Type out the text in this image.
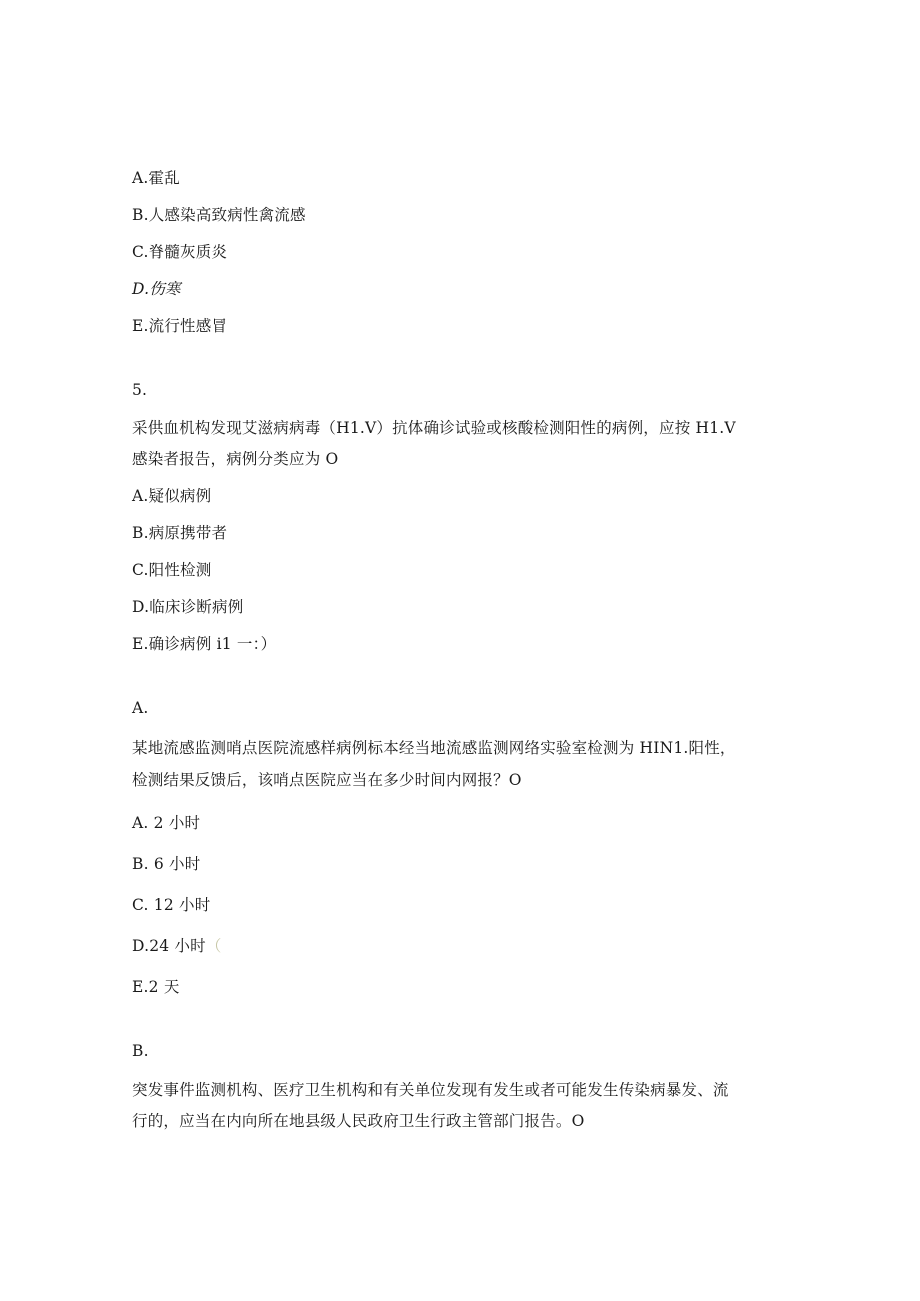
A.霍乱
B.人感染高致病性禽流感
C.脊髓灰质炎
D.伤寒
E.流行性感冒
5.
采供血机构发现艾滋病病毒（H1.V）抗体确诊试验或核酸检测阳性的病例，应按 H1.V
感染者报告，病例分类应为 O
A.疑似病例
B.病原携带者
C.阳性检测
D.临床诊断病例
E.确诊病例 i1 一：）
A.
某地流感监测哨点医院流感样病例标本经当地流感监测网络实验室检测为 HIN1.阳性，
检测结果反馈后，该哨点医院应当在多少时间内网报？O
A. 2 小时
B. 6 小时
C. 12 小时
D.24 小时（
E.2 天
B.
突发事件监测机构、医疗卫生机构和有关单位发现有发生或者可能发生传染病暴发、流
行的，应当在内向所在地县级人民政府卫生行政主管部门报告。O
